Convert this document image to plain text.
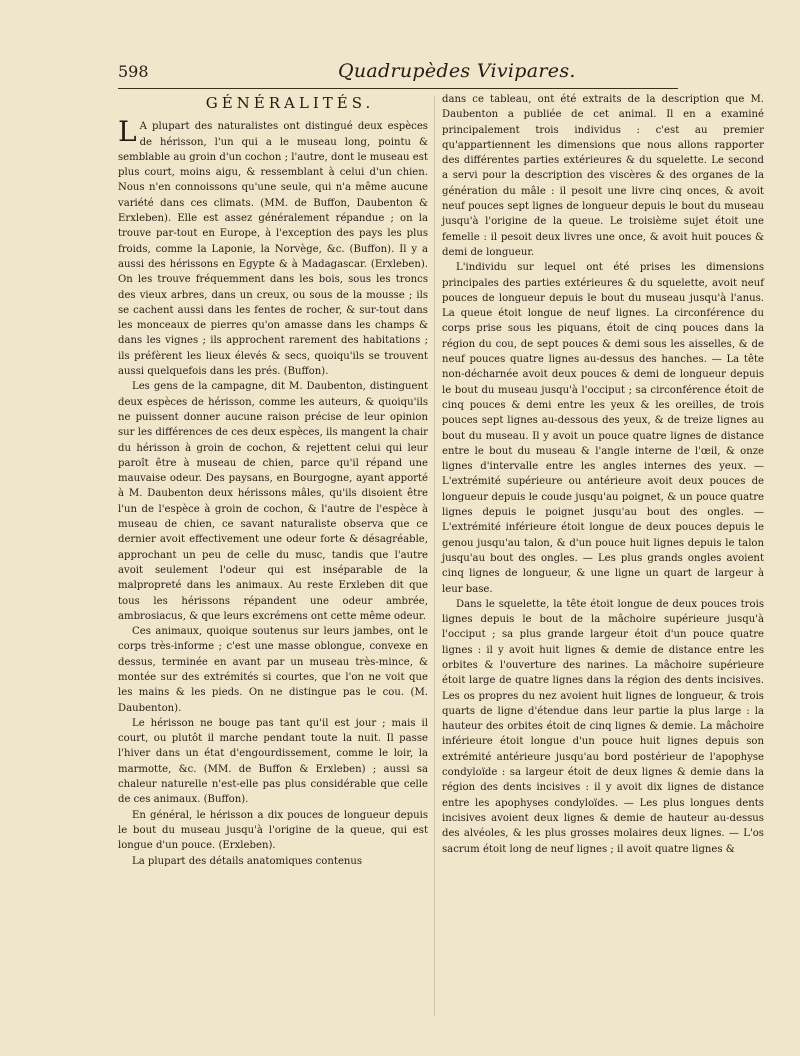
598	Quadrupèdes Vivipares.
GÉNÉRALITÉS.

L A plupart des naturalistes ont distingué deux espèces de hérisson, l'un qui a le museau long, pointu & semblable au groin d'un cochon ; l'autre, dont le museau est plus court, moins aigu, & ressemblant à celui d'un chien. Nous n'en connoissons qu'une seule, qui n'a même aucune variété dans ces climats. (MM. de Buffon, Daubenton & Erxleben). Elle est assez généralement répandue ; on la trouve par-tout en Europe, à l'exception des pays les plus froids, comme la Laponie, la Norvège, &c. (Buffon). Il y a aussi des hérissons en Egypte & à Madagascar. (Erxleben). On les trouve fréquemment dans les bois, sous les troncs des vieux arbres, dans un creux, ou sous de la mousse ; ils se cachent aussi dans les fentes de rocher, & sur-tout dans les monceaux de pierres qu'on amasse dans les champs & dans les vignes ; ils approchent rarement des habitations ; ils préfèrent les lieux élevés & secs, quoiqu'ils se trouvent aussi quelquefois dans les prés. (Buffon).

Les gens de la campagne, dit M. Daubenton, distinguent deux espèces de hérisson, comme les auteurs, & quoiqu'ils ne puissent donner aucune raison précise de leur opinion sur les différences de ces deux espèces, ils mangent la chair du hérisson à groin de cochon, & rejettent celui qui leur paroît être à museau de chien, parce qu'il répand une mauvaise odeur. Des paysans, en Bourgogne, ayant apporté à M. Daubenton deux hérissons mâles, qu'ils disoient être l'un de l'espèce à groin de cochon, & l'autre de l'espèce à museau de chien, ce savant naturaliste observa que ce dernier avoit effectivement une odeur forte & désagréable, approchant un peu de celle du musc, tandis que l'autre avoit seulement l'odeur qui est inséparable de la malpropreté dans les animaux. Au reste Erxleben dit que tous les hérissons répandent une odeur ambrée, ambrosiacus, & que leurs excrémens ont cette même odeur.

Ces animaux, quoique soutenus sur leurs jambes, ont le corps très-informe ; c'est une masse oblongue, convexe en dessus, terminée en avant par un museau très-mince, & montée sur des extrémités si courtes, que l'on ne voit que les mains & les pieds. On ne distingue pas le cou. (M. Daubenton).

Le hérisson ne bouge pas tant qu'il est jour ; mais il court, ou plutôt il marche pendant toute la nuit. Il passe l'hiver dans un état d'engourdissement, comme le loir, la marmotte, &c. (MM. de Buffon & Erxleben) ; aussi sa chaleur naturelle n'est-elle pas plus considérable que celle de ces animaux. (Buffon).

En général, le hérisson a dix pouces de longueur depuis le bout du museau jusqu'à l'origine de la queue, qui est longue d'un pouce. (Erxleben).

La plupart des détails anatomiques contenus

dans ce tableau, ont été extraits de la description que M. Daubenton a publiée de cet animal. Il en a examiné principalement trois individus : c'est au premier qu'appartiennent les dimensions que nous allons rapporter des différentes parties extérieures & du squelette. Le second a servi pour la description des viscères & des organes de la génération du mâle : il pesoit une livre cinq onces, & avoit neuf pouces sept lignes de longueur depuis le bout du museau jusqu'à l'origine de la queue. Le troisième sujet étoit une femelle : il pesoit deux livres une once, & avoit huit pouces & demi de longueur.

L'individu sur lequel ont été prises les dimensions principales des parties extérieures & du squelette, avoit neuf pouces de longueur depuis le bout du museau jusqu'à l'anus. La queue étoit longue de neuf lignes. La circonférence du corps prise sous les piquans, étoit de cinq pouces dans la région du cou, de sept pouces & demi sous les aisselles, & de neuf pouces quatre lignes au-dessus des hanches. — La tête non-décharnée avoit deux pouces & demi de longueur depuis le bout du museau jusqu'à l'occiput ; sa circonférence étoit de cinq pouces & demi entre les yeux & les oreilles, de trois pouces sept lignes au-dessous des yeux, & de treize lignes au bout du museau. Il y avoit un pouce quatre lignes de distance entre le bout du museau & l'angle interne de l'œil, & onze lignes d'intervalle entre les angles internes des yeux. — L'extrémité supérieure ou antérieure avoit deux pouces de longueur depuis le coude jusqu'au poignet, & un pouce quatre lignes depuis le poignet jusqu'au bout des ongles. — L'extrémité inférieure étoit longue de deux pouces depuis le genou jusqu'au talon, & d'un pouce huit lignes depuis le talon jusqu'au bout des ongles. — Les plus grands ongles avoient cinq lignes de longueur, & une ligne un quart de largeur à leur base.

Dans le squelette, la tête étoit longue de deux pouces trois lignes depuis le bout de la mâchoire supérieure jusqu'à l'occiput ; sa plus grande largeur étoit d'un pouce quatre lignes : il y avoit huit lignes & demie de distance entre les orbites & l'ouverture des narines. La mâchoire supérieure étoit large de quatre lignes dans la région des dents incisives. Les os propres du nez avoient huit lignes de longueur, & trois quarts de ligne d'étendue dans leur partie la plus large : la hauteur des orbites étoit de cinq lignes & demie. La mâchoire inférieure étoit longue d'un pouce huit lignes depuis son extrémité antérieure jusqu'au bord postérieur de l'apophyse condyloïde : sa largeur étoit de deux lignes & demie dans la région des dents incisives : il y avoit dix lignes de distance entre les apophyses condyloïdes. — Les plus longues dents incisives avoient deux lignes & demie de hauteur au-dessus des alvéoles, & les plus grosses molaires deux lignes. — L'os sacrum étoit long de neuf lignes ; il avoit quatre lignes &
